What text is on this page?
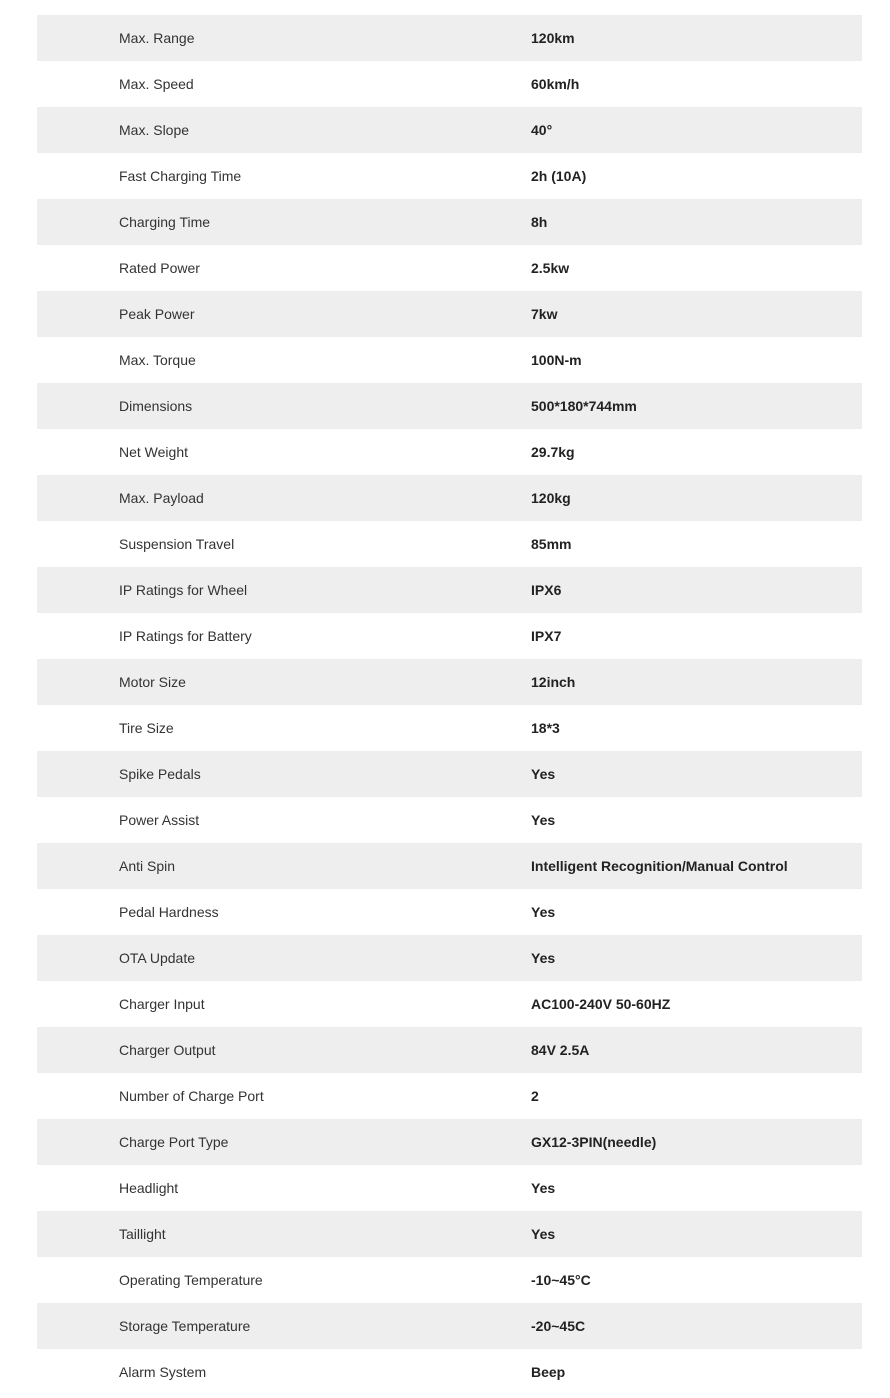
Max. Range	120km
Max. Speed	60km/h
Max. Slope	40°
Fast Charging Time	2h (10A)
Charging Time	8h
Rated Power	2.5kw
Peak Power	7kw
Max. Torque	100N-m
Dimensions	500*180*744mm
Net Weight	29.7kg
Max. Payload	120kg
Suspension Travel	85mm
IP Ratings for Wheel	IPX6
IP Ratings for Battery	IPX7
Motor Size	12inch
Tire Size	18*3
Spike Pedals	Yes
Power Assist	Yes
Anti Spin	Intelligent Recognition/Manual Control
Pedal Hardness	Yes
OTA Update	Yes
Charger Input	AC100-240V 50-60HZ
Charger Output	84V 2.5A
Number of Charge Port	2
Charge Port Type	GX12-3PIN(needle)
Headlight	Yes
Taillight	Yes
Operating Temperature	-10~45°C
Storage Temperature	-20~45C
Alarm System	Beep
